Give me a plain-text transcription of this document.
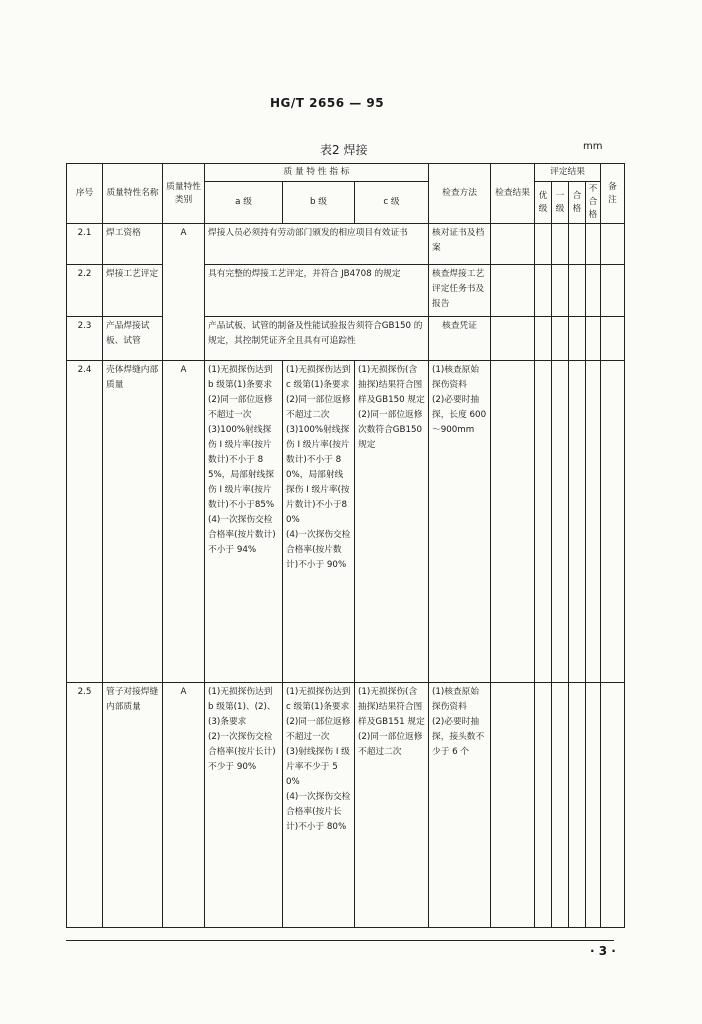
HG/T 2656 — 95
表2 焊接	mm
序号	质量特性名称	质量特性类别	质 量 特 性 指 标			检查方法	检查结果	评定结果				备注
			a 级	b 级	c 级			优级	一级	合格	不合格	

2.1	焊工资格	A	焊接人员必须持有劳动部门颁发的相应项目有效证书			核对证书及档案						
2.2	焊接工艺评定		具有完整的焊接工艺评定，并符合 JB4708 的规定			核查焊接工艺评定任务书及报告						
2.3	产品焊接试板、试管		产品试板、试管的制备及性能试验报告须符合GB150 的规定，其控制凭证齐全且具有可追踪性			核查凭证						
2.4	壳体焊缝内部质量	A	(1)无损探伤达到 b 级第(1)条要求
(2)同一部位返修不超过一次
(3)100%射线探伤 I 级片率(按片数计)不小于 85%，局部射线探伤 I 级片率(按片数计)不小于85%
(4)一次探伤交检合格率(按片数计)不小于 94%	(1)无损探伤达到 c 级第(1)条要求
(2)同一部位返修不超过二次
(3)100%射线探伤 I 级片率(按片数计)不小于 80%，局部射线探伤 I 级片率(按片数计)不小于80%
(4)一次探伤交检合格率(按片数计)不小于 90%	(1)无损探伤(含抽探)结果符合图样及GB150 规定
(2)同一部位返修次数符合GB150 规定	(1)核查原始探伤资料
(2)必要时抽探，长度 600～900mm						
2.5	管子对接焊缝内部质量	A	(1)无损探伤达到 b 级第(1)、(2)、(3)条要求
(2)一次探伤交检合格率(按片长计)不少于 90%	(1)无损探伤达到 c 级第(1)条要求
(2)同一部位返修不超过一次
(3)射线探伤 I 级片率不少于 50%
(4)一次探伤交检合格率(按片长计)不小于 80%	(1)无损探伤(含抽探)结果符合图样及GB151 规定
(2)同一部位返修不超过二次	(1)核查原始探伤资料
(2)必要时抽探，接头数不少于 6 个						
· 3 ·
